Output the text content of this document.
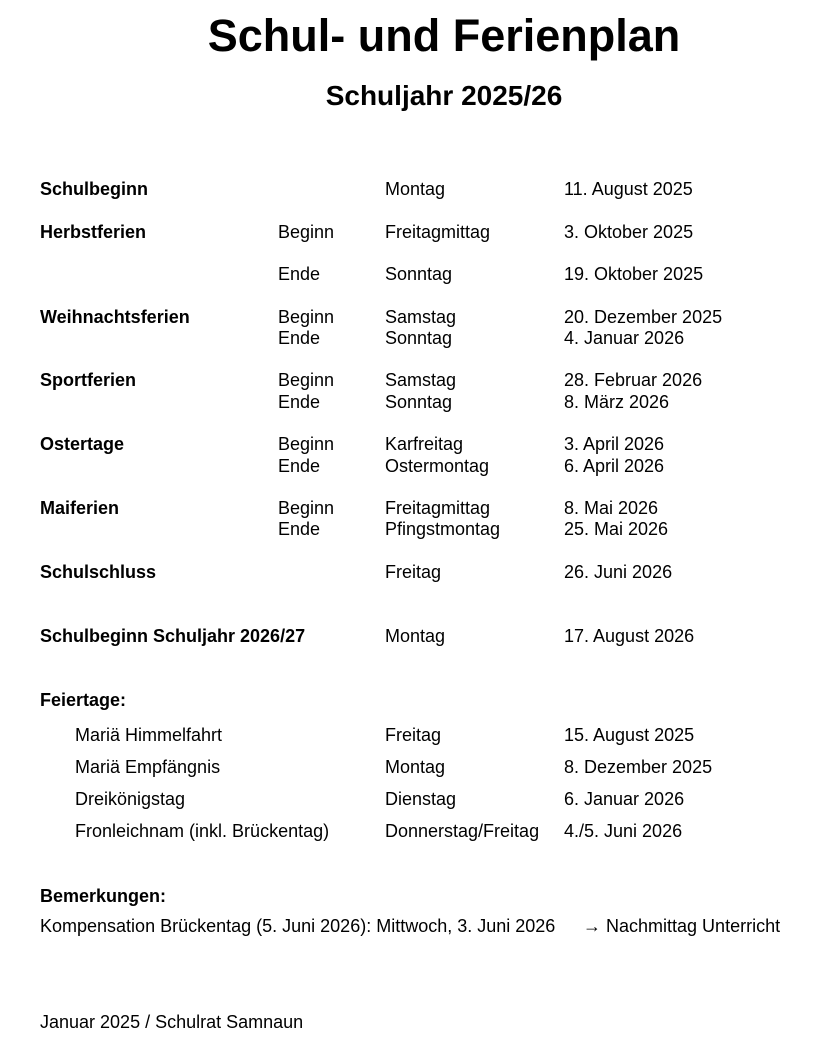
Schul- und Ferienplan
Schuljahr 2025/26
Schulbeginn	Montag	11. August 2025
Herbstferien	Beginn	Freitagmittag	3. Oktober 2025
Ende	Sonntag	19. Oktober 2025
Weihnachtsferien	Beginn	Samstag	20. Dezember 2025
Ende	Sonntag	4. Januar 2026
Sportferien	Beginn	Samstag	28. Februar 2026
Ende	Sonntag	8. März 2026
Ostertage	Beginn	Karfreitag	3. April 2026
Ende	Ostermontag	6. April 2026
Maiferien	Beginn	Freitagmittag	8. Mai 2026
Ende	Pfingstmontag	25. Mai 2026
Schulschluss	Freitag	26. Juni 2026
Schulbeginn Schuljahr 2026/27	Montag	17. August 2026
Feiertage:
Mariä Himmelfahrt	Freitag	15. August 2025
Mariä Empfängnis	Montag	8. Dezember 2025
Dreikönigstag	Dienstag	6. Januar 2026
Fronleichnam (inkl. Brückentag)	Donnerstag/Freitag 4./5. Juni 2026
Bemerkungen:
Kompensation Brückentag (5. Juni 2026): Mittwoch, 3. Juni 2026 → Nachmittag Unterricht
Januar 2025 / Schulrat Samnaun
